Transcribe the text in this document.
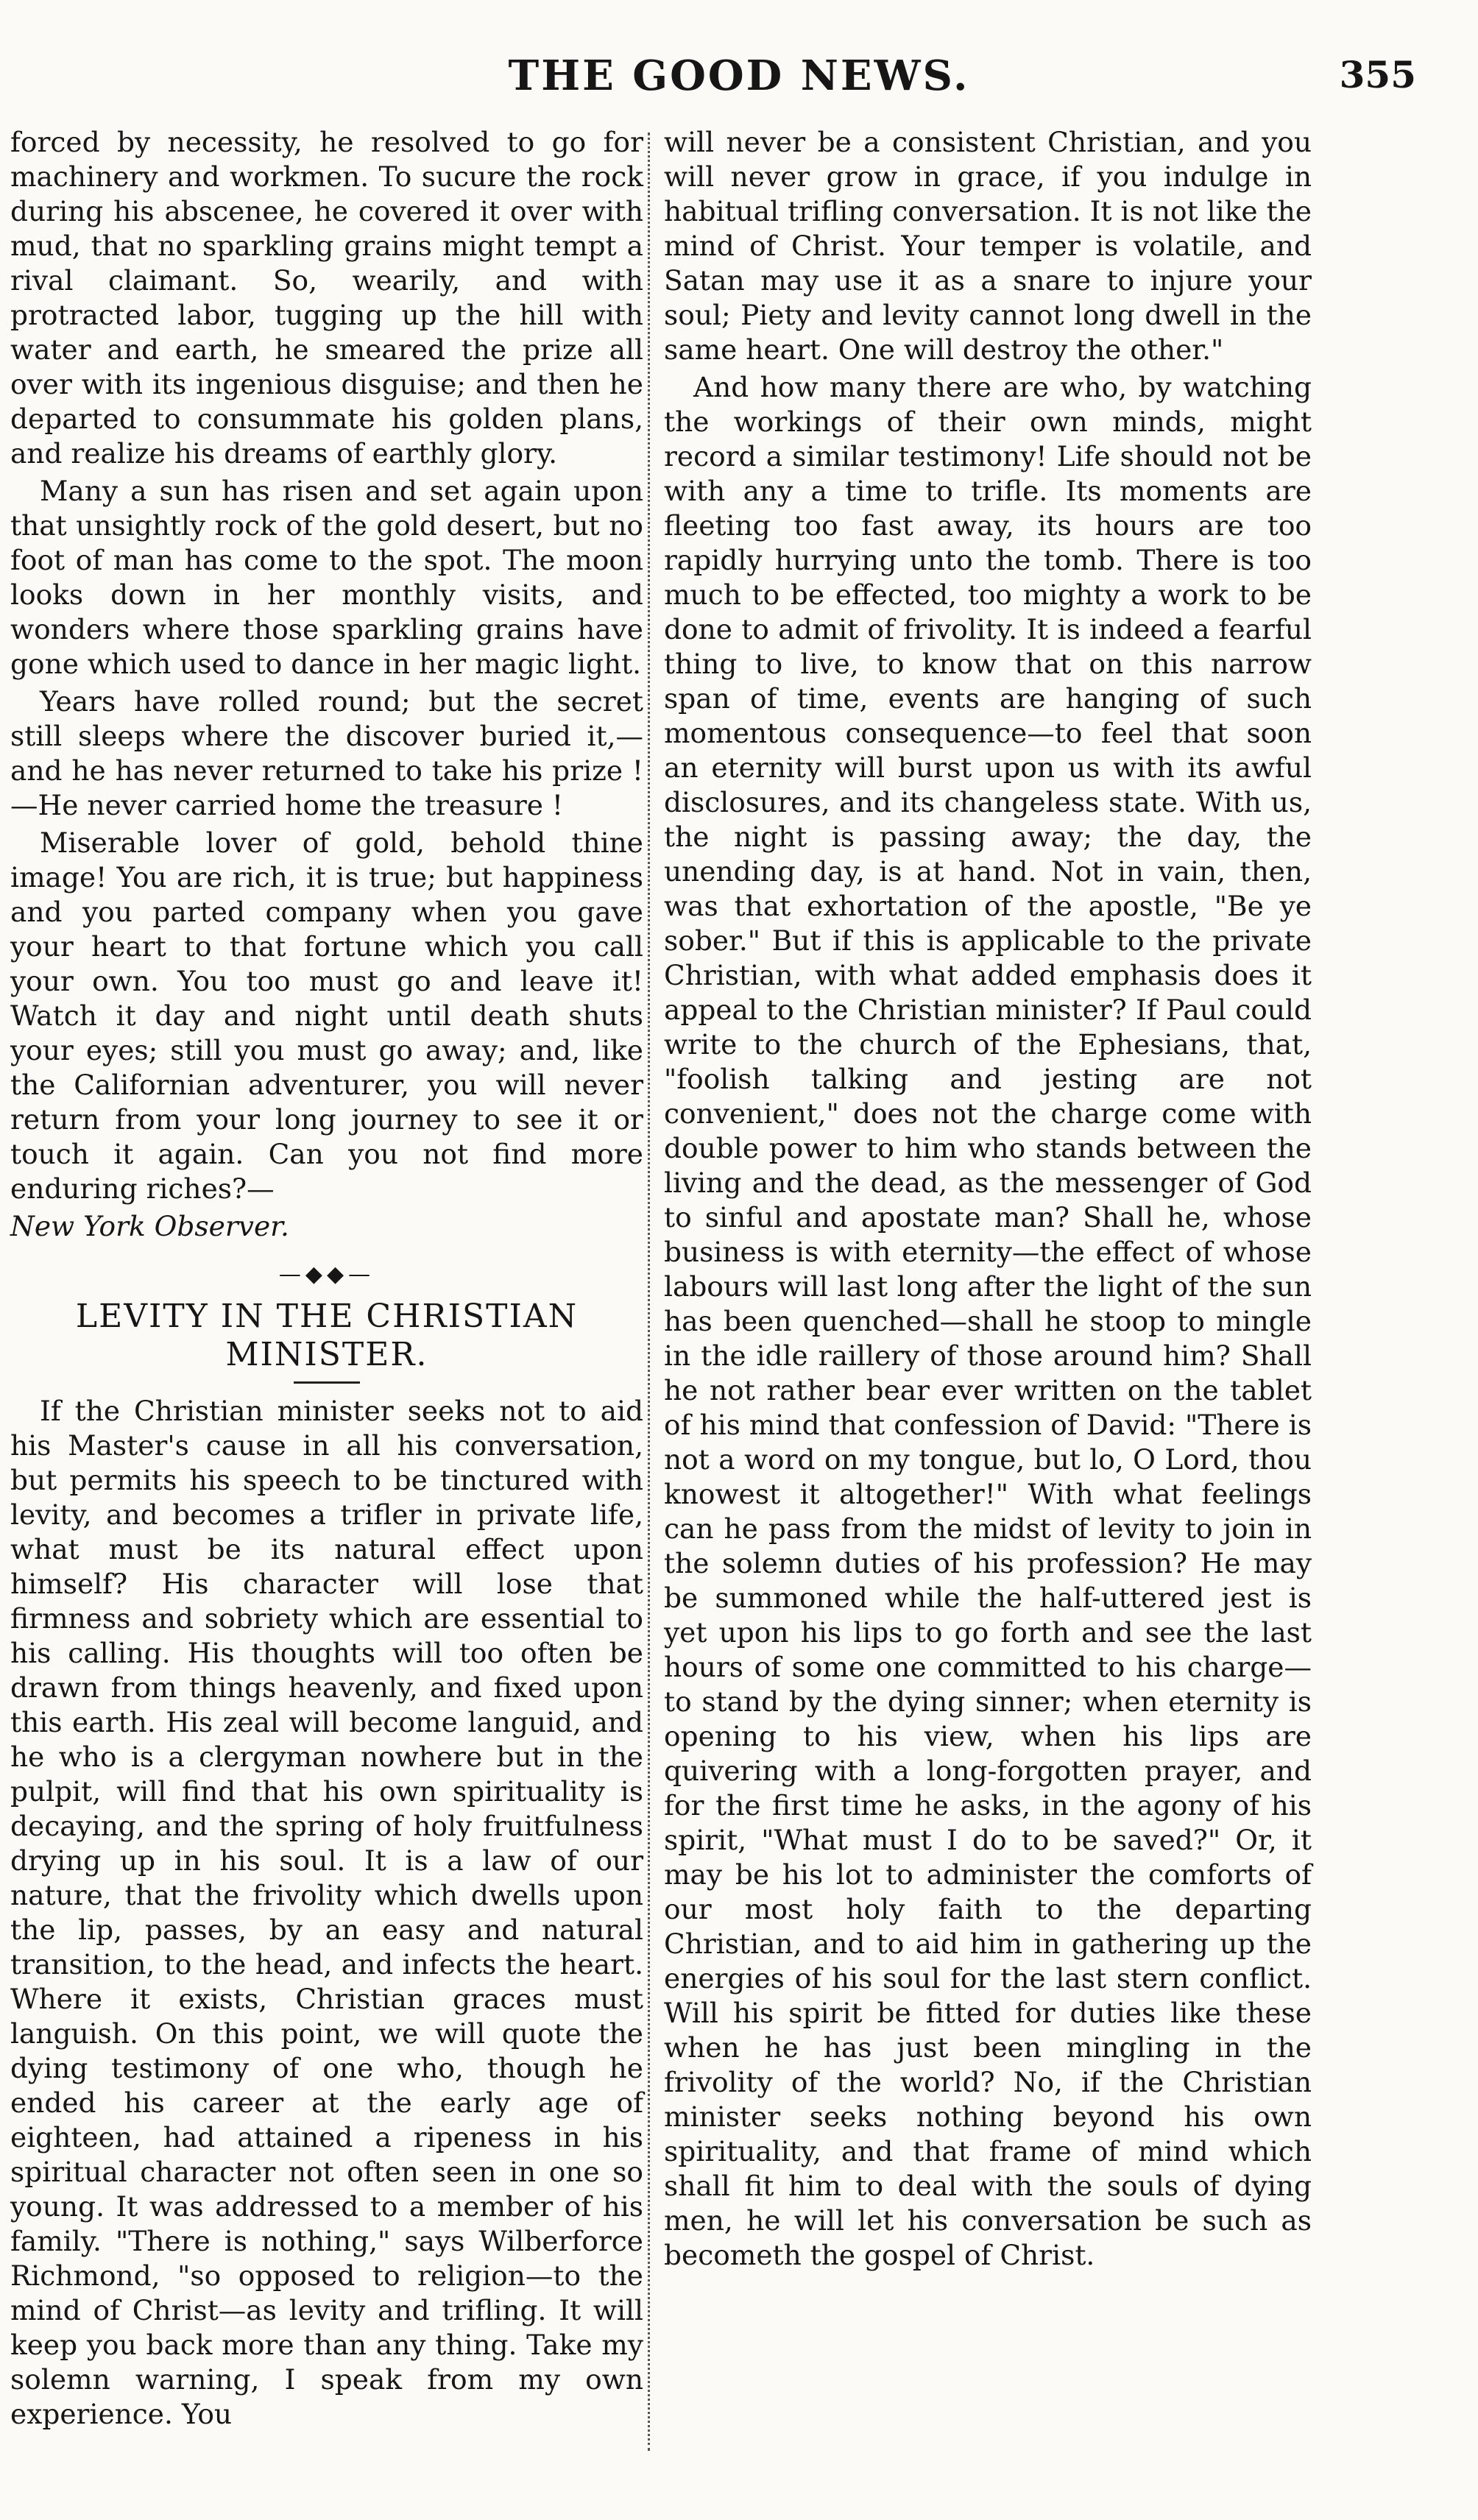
THE GOOD NEWS.	355

forced by necessity, he resolved to go for machinery and workmen. To sucure the rock during his abscenee, he covered it over with mud, that no sparkling grains might tempt a rival claimant. So, wearily, and with protracted labor, tugging up the hill with water and earth, he smeared the prize all over with its ingenious disguise; and then he departed to consummate his golden plans, and realize his dreams of earthly glory.

Many a sun has risen and set again upon that unsightly rock of the gold desert, but no foot of man has come to the spot. The moon looks down in her monthly visits, and wonders where those sparkling grains have gone which used to dance in her magic light.

Years have rolled round; but the secret still sleeps where the discover buried it,—and he has never returned to take his prize !—He never carried home the treasure !

Miserable lover of gold, behold thine image! You are rich, it is true; but happiness and you parted company when you gave your heart to that fortune which you call your own. You too must go and leave it! Watch it day and night until death shuts your eyes; still you must go away; and, like the Californian adventurer, you will never return from your long journey to see it or touch it again. Can you not find more enduring riches?—

New York Observer.

—◆◆—
LEVITY IN THE CHRISTIAN MINISTER.

If the Christian minister seeks not to aid his Master's cause in all his conversation, but permits his speech to be tinctured with levity, and becomes a trifler in private life, what must be its natural effect upon himself? His character will lose that firmness and sobriety which are essential to his calling. His thoughts will too often be drawn from things heavenly, and fixed upon this earth. His zeal will become languid, and he who is a clergyman nowhere but in the pulpit, will find that his own spirituality is decaying, and the spring of holy fruitfulness drying up in his soul. It is a law of our nature, that the frivolity which dwells upon the lip, passes, by an easy and natural transition, to the head, and infects the heart. Where it exists, Christian graces must languish. On this point, we will quote the dying testimony of one who, though he ended his career at the early age of eighteen, had attained a ripeness in his spiritual character not often seen in one so young. It was addressed to a member of his family. "There is nothing," says Wilberforce Richmond, "so opposed to religion—to the mind of Christ—as levity and trifling. It will keep you back more than any thing. Take my solemn warning, I speak from my own experience. You

will never be a consistent Christian, and you will never grow in grace, if you indulge in habitual trifling conversation. It is not like the mind of Christ. Your temper is volatile, and Satan may use it as a snare to injure your soul; Piety and levity cannot long dwell in the same heart. One will destroy the other."

And how many there are who, by watching the workings of their own minds, might record a similar testimony! Life should not be with any a time to trifle. Its moments are fleeting too fast away, its hours are too rapidly hurrying unto the tomb. There is too much to be effected, too mighty a work to be done to admit of frivolity. It is indeed a fearful thing to live, to know that on this narrow span of time, events are hanging of such momentous consequence—to feel that soon an eternity will burst upon us with its awful disclosures, and its changeless state. With us, the night is passing away; the day, the unending day, is at hand. Not in vain, then, was that exhortation of the apostle, "Be ye sober." But if this is applicable to the private Christian, with what added emphasis does it appeal to the Christian minister? If Paul could write to the church of the Ephesians, that, "foolish talking and jesting are not convenient," does not the charge come with double power to him who stands between the living and the dead, as the messenger of God to sinful and apostate man? Shall he, whose business is with eternity—the effect of whose labours will last long after the light of the sun has been quenched—shall he stoop to mingle in the idle raillery of those around him? Shall he not rather bear ever written on the tablet of his mind that confession of David: "There is not a word on my tongue, but lo, O Lord, thou knowest it altogether!" With what feelings can he pass from the midst of levity to join in the solemn duties of his profession? He may be summoned while the half-uttered jest is yet upon his lips to go forth and see the last hours of some one committed to his charge—to stand by the dying sinner; when eternity is opening to his view, when his lips are quivering with a long-forgotten prayer, and for the first time he asks, in the agony of his spirit, "What must I do to be saved?" Or, it may be his lot to administer the comforts of our most holy faith to the departing Christian, and to aid him in gathering up the energies of his soul for the last stern conflict. Will his spirit be fitted for duties like these when he has just been mingling in the frivolity of the world? No, if the Christian minister seeks nothing beyond his own spirituality, and that frame of mind which shall fit him to deal with the souls of dying men, he will let his conversation be such as becometh the gospel of Christ.
